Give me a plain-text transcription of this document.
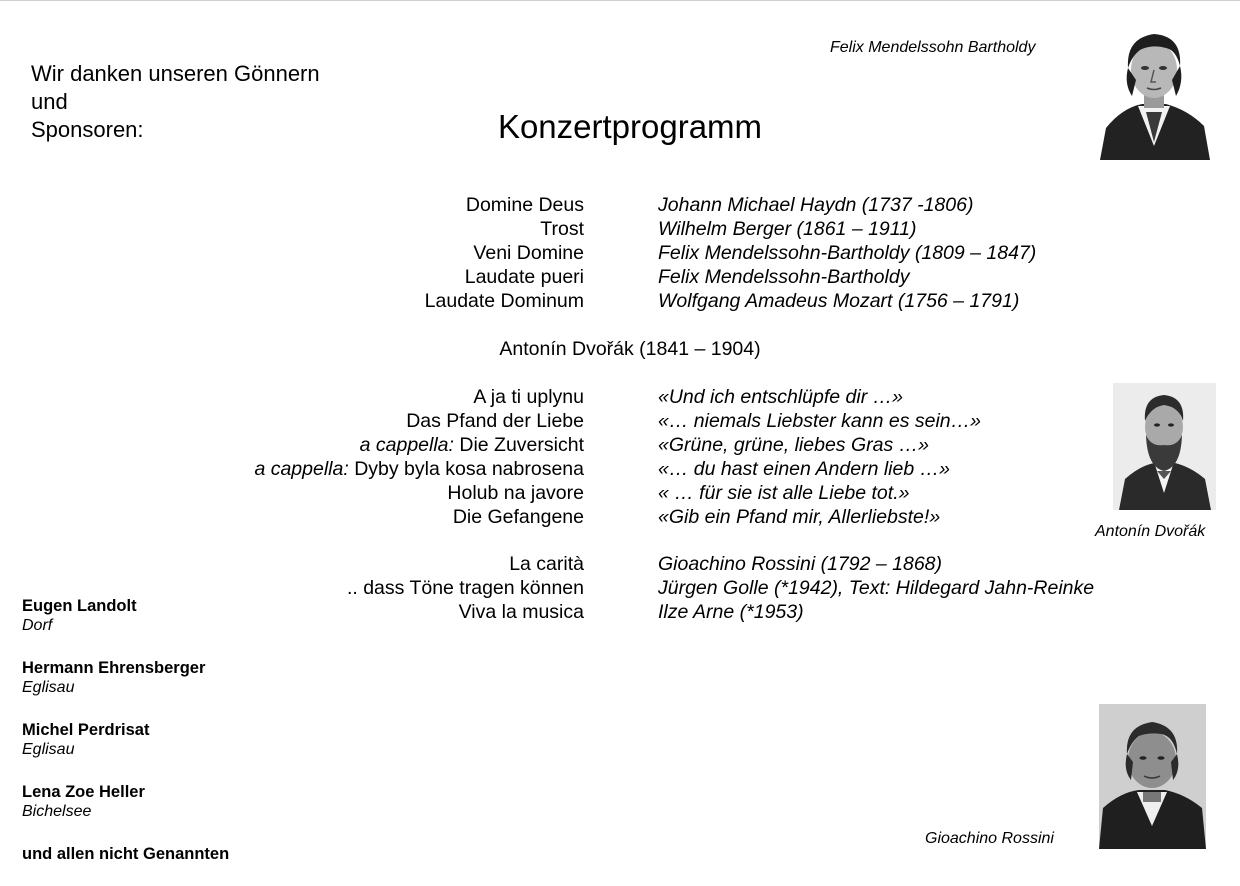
Wir danken unseren Gönnern
und
Sponsoren:	Konzertprogramm
Felix Mendelssohn Bartholdy
Domine Deus
Trost
Veni Domine
Laudate pueri
Laudate Dominum
Johann Michael Haydn (1737 -1806)
Wilhelm Berger (1861 – 1911)
Felix Mendelssohn-Bartholdy (1809 – 1847)
Felix Mendelssohn-Bartholdy
Wolfgang Amadeus Mozart (1756 – 1791)
Antonín Dvořák (1841 – 1904)
A ja ti uplynu
Das Pfand der Liebe
a cappella: Die Zuversicht
a cappella: Dyby byla kosa nabrosena
Holub na javore
Die Gefangene
«Und ich entschlüpfe dir …»
«… niemals Liebster kann es sein…»
«Grüne, grüne, liebes Gras …»
«… du hast einen Andern lieb …»
« … für sie ist alle Liebe tot.»
«Gib ein Pfand mir, Allerliebste!»
Antonín Dvořák
La carità
.. dass Töne tragen können
Viva la musica
Gioachino Rossini (1792 – 1868)
Jürgen Golle (*1942), Text: Hildegard Jahn-Reinke
Ilze Arne (*1953)
Gioachino Rossini
Eugen Landolt
Dorf
Hermann Ehrensberger
Eglisau
Michel Perdrisat
Eglisau
Lena Zoe Heller
Bichelsee
und allen nicht Genannten
